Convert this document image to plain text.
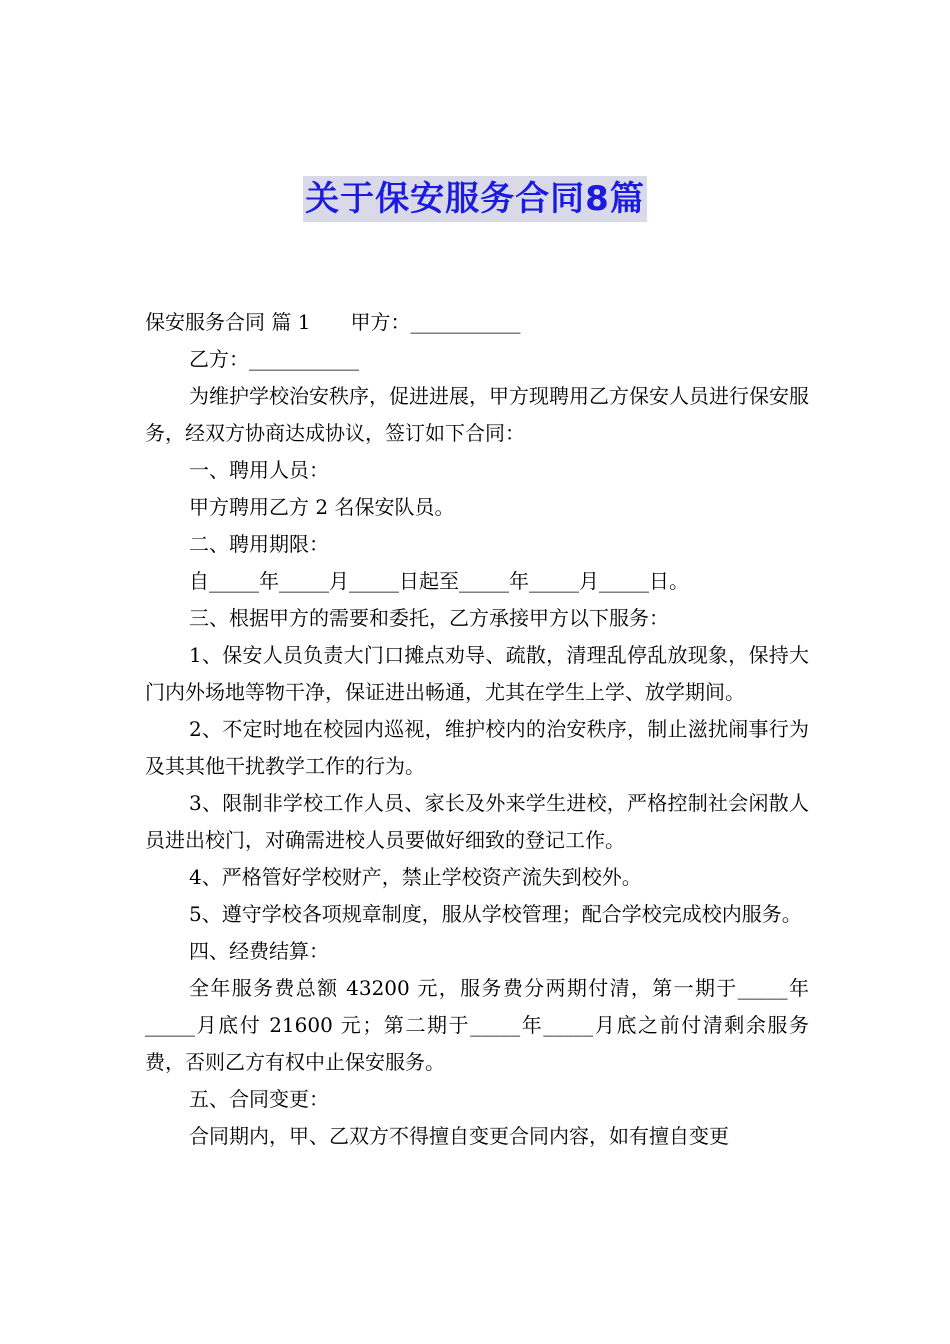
关于保安服务合同8篇

保安服务合同 篇 1 甲方：___________

乙方：___________

为维护学校治安秩序，促进进展，甲方现聘用乙方保安人员进行保安服务，经双方协商达成协议，签订如下合同：

一、聘用人员：

甲方聘用乙方 2 名保安队员。

二、聘用期限：

自_____年_____月_____日起至_____年_____月_____日。

三、根据甲方的需要和委托，乙方承接甲方以下服务：

1、保安人员负责大门口摊点劝导、疏散，清理乱停乱放现象，保持大门内外场地等物干净，保证进出畅通，尤其在学生上学、放学期间。

2、不定时地在校园内巡视，维护校内的治安秩序，制止滋扰闹事行为及其其他干扰教学工作的行为。

3、限制非学校工作人员、家长及外来学生进校，严格控制社会闲散人员进出校门，对确需进校人员要做好细致的登记工作。

4、严格管好学校财产，禁止学校资产流失到校外。

5、遵守学校各项规章制度，服从学校管理；配合学校完成校内服务。

四、经费结算：

全年服务费总额 43200 元，服务费分两期付清，第一期于_____年_____月底付 21600 元；第二期于_____年_____月底之前付清剩余服务费，否则乙方有权中止保安服务。

五、合同变更：

合同期内，甲、乙双方不得擅自变更合同内容，如有擅自变更
